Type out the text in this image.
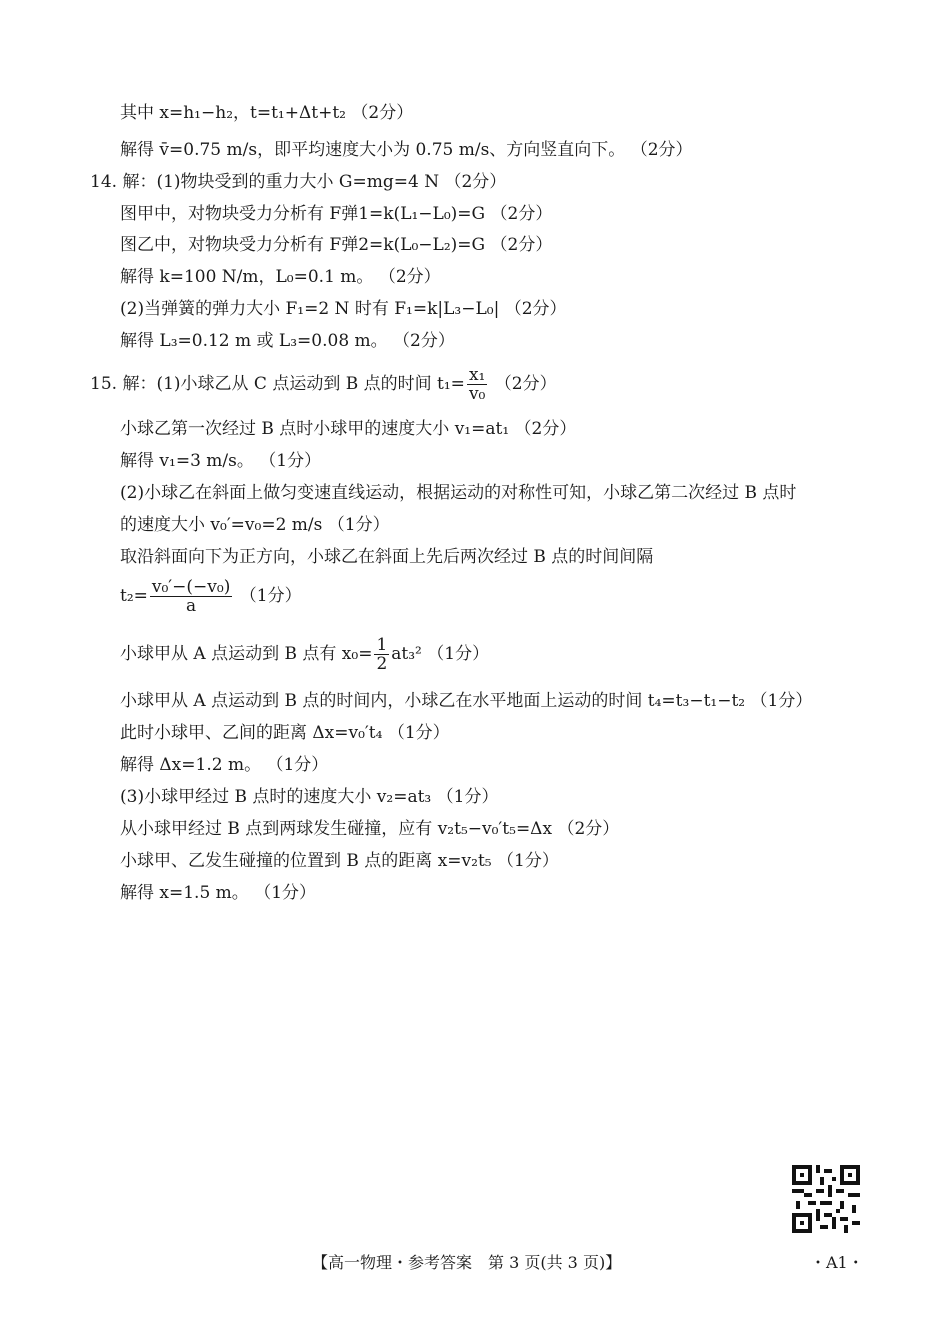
其中 x=h₁−h₂，t=t₁+Δt+t₂ （2分）
解得 v̄=0.75 m/s，即平均速度大小为 0.75 m/s、方向竖直向下。 （2分）
14. 解：(1)物块受到的重力大小 G=mg=4 N （2分）
图甲中，对物块受力分析有 F弹1=k(L₁−L₀)=G （2分）
图乙中，对物块受力分析有 F弹2=k(L₀−L₂)=G （2分）
解得 k=100 N/m，L₀=0.1 m。 （2分）
(2)当弹簧的弹力大小 F₁=2 N 时有 F₁=k|L₃−L₀| （2分）
解得 L₃=0.12 m 或 L₃=0.08 m。 （2分）
15. 解：(1)小球乙从 C 点运动到 B 点的时间 $t_1= \frac{\text{x₁}}{\text{v₀}} (2$分）
小球乙第一次经过 B 点时小球甲的速度大小 v₁=at₁ （2分）
解得 v₁=3 m/s。 （1分）
(2)小球乙在斜面上做匀变速直线运动，根据运动的对称性可知，小球乙第二次经过 B 点时
的速度大小 v₀′=v₀=2 m/s （1分）
取沿斜面向下为正方向，小球乙在斜面上先后两次经过 B 点的时间间隔
$t_2= \frac{\text{v₀′−(−v₀)}}{a} (1$分）
小球甲从 A 点运动到 B 点有 $x_0= \frac{1}{2} at_3^2$ （1分）
小球甲从 A 点运动到 B 点的时间内，小球乙在水平地面上运动的时间 t₄=t₃−t₁−t₂ （1分）
此时小球甲、乙间的距离 Δx=v₀′t₄ （1分）
解得 Δx=1.2 m。 （1分）
(3)小球甲经过 B 点时的速度大小 v₂=at₃ （1分）
从小球甲经过 B 点到两球发生碰撞，应有 v₂t₅−v₀′t₅=Δx （2分）
小球甲、乙发生碰撞的位置到 B 点的距离 x=v₂t₅ （1分）
解得 x=1.5 m。 （1分）
【高一物理・参考答案　第 3 页(共 3 页)】	・A1・
